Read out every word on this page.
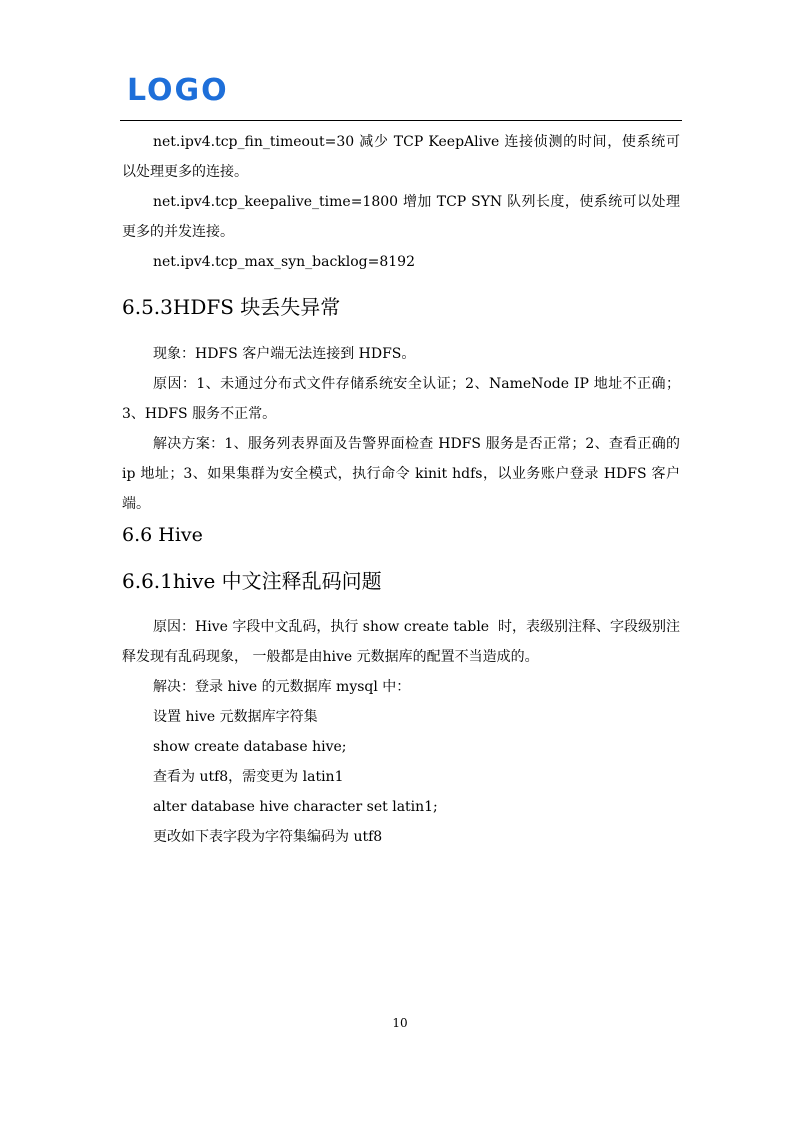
LOGO

net.ipv4.tcp_fin_timeout=30 减少 TCP KeepAlive 连接侦测的时间，使系统可以处理更多的连接。

net.ipv4.tcp_keepalive_time=1800 增加 TCP SYN 队列长度，使系统可以处理更多的并发连接。

net.ipv4.tcp_max_syn_backlog=8192

6.5.3HDFS 块丢失异常

现象：HDFS 客户端无法连接到 HDFS。

原因：1、未通过分布式文件存储系统安全认证；2、NameNode IP 地址不正确；3、HDFS 服务不正常。

解决方案：1、服务列表界面及告警界面检查 HDFS 服务是否正常；2、查看正确的 ip 地址；3、如果集群为安全模式，执行命令 kinit hdfs，以业务账户登录 HDFS 客户端。

6.6 Hive
6.6.1hive 中文注释乱码问题

原因：Hive 字段中文乱码，执行 show create table  时，表级别注释、字段级别注释发现有乱码现象， 一般都是由hive 元数据库的配置不当造成的。

解决：登录 hive 的元数据库 mysql 中：

设置 hive 元数据库字符集

show create database hive;

查看为 utf8，需变更为 latin1

alter database hive character set latin1;

更改如下表字段为字符集编码为 utf8

10
